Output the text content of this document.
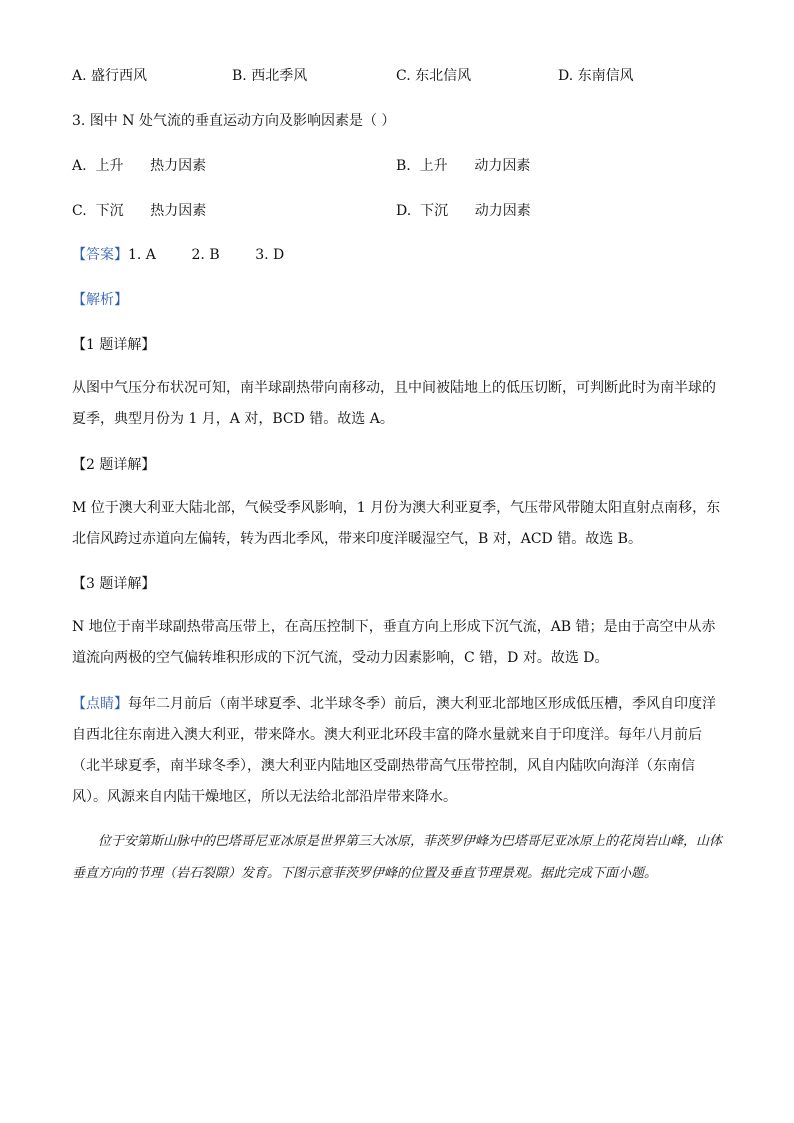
A. 盛行西风	B. 西北季风	C. 东北信风	D. 东南信风
3. 图中 N 处气流的垂直运动方向及影响因素是（ ）
A.  上升      热力因素	B.  上升      动力因素
C.  下沉      热力因素	D.  下沉      动力因素
【答案】1. A        2. B        3. D
【解析】
【1 题详解】
从图中气压分布状况可知，南半球副热带向南移动，且中间被陆地上的低压切断，可判断此时为南半球的夏季，典型月份为 1 月，A 对，BCD 错。故选 A。
【2 题详解】
M 位于澳大利亚大陆北部，气候受季风影响，1 月份为澳大利亚夏季，气压带风带随太阳直射点南移，东北信风跨过赤道向左偏转，转为西北季风，带来印度洋暖湿空气，B 对，ACD 错。故选 B。
【3 题详解】
N 地位于南半球副热带高压带上，在高压控制下，垂直方向上形成下沉气流，AB 错；是由于高空中从赤道流向两极的空气偏转堆积形成的下沉气流，受动力因素影响，C 错，D 对。故选 D。
【点睛】每年二月前后（南半球夏季、北半球冬季）前后，澳大利亚北部地区形成低压槽，季风自印度洋自西北往东南进入澳大利亚，带来降水。澳大利亚北环段丰富的降水量就来自于印度洋。每年八月前后（北半球夏季，南半球冬季），澳大利亚内陆地区受副热带高气压带控制，风自内陆吹向海洋（东南信风）。风源来自内陆干燥地区，所以无法给北部沿岸带来降水。
位于安第斯山脉中的巴塔哥尼亚冰原是世界第三大冰原，菲茨罗伊峰为巴塔哥尼亚冰原上的花岗岩山峰，山体垂直方向的节理（岩石裂隙）发育。下图示意菲茨罗伊峰的位置及垂直节理景观。据此完成下面小题。
